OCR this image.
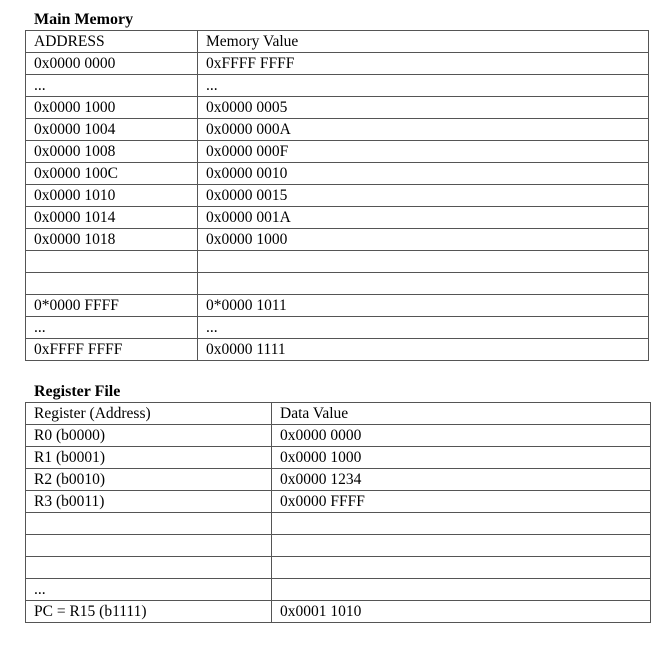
Main Memory
ADDRESS	Memory Value
0x0000 0000	0xFFFF FFFF
...	...
0x0000 1000	0x0000 0005
0x0000 1004	0x0000 000A
0x0000 1008	0x0000 000F
0x0000 100C	0x0000 0010
0x0000 1010	0x0000 0015
0x0000 1014	0x0000 001A
0x0000 1018	0x0000 1000

0*0000 FFFF	0*0000 1011
...	...
0xFFFF FFFF	0x0000 1111
Register File
Register (Address)	Data Value
R0 (b0000)	0x0000 0000
R1 (b0001)	0x0000 1000
R2 (b0010)	0x0000 1234
R3 (b0011)	0x0000 FFFF

...	
PC = R15 (b1111)	0x0001 1010
